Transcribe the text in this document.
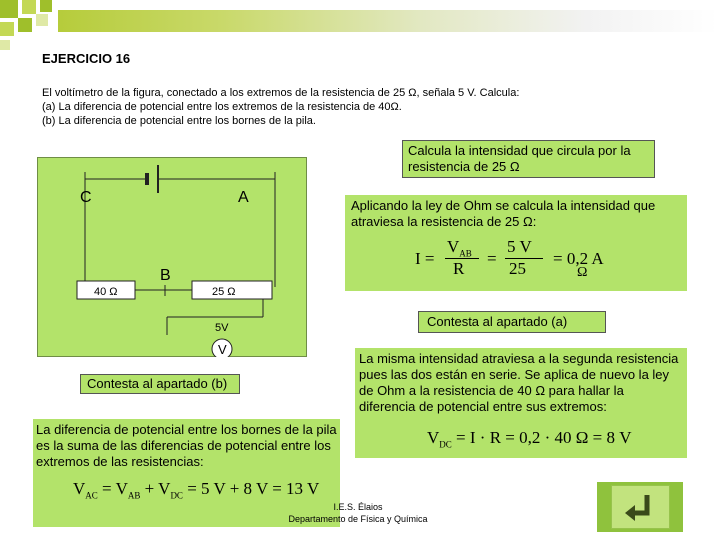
EJERCICIO 16
El voltímetro de la figura, conectado a los extremos de la resistencia de 25 Ω, señala 5 V. Calcula:
(a) La diferencia de potencial entre los extremos de la resistencia de 40Ω.
(b) La diferencia de potencial entre los bornes de la pila.
C	A
B
40 Ω	25 Ω
5V
V
Calcula la intensidad que circula por la resistencia de 25 Ω
Aplicando la ley de Ohm se calcula la intensidad que atraviesa la resistencia de 25 Ω:
I =
$V_{AB}$
R
=
5 V
25
= 0,2 A
Ω
Contesta al apartado (a)
La misma intensidad atraviesa a la segunda resistencia pues las dos están en serie. Se aplica de nuevo la ley de Ohm a la resistencia de 40 Ω para hallar la diferencia de potencial entre sus extremos:
$V_{DC} = I \cdot R = 0,2 \cdot 40$ Ω = 8 V
Contesta al apartado (b)
La diferencia de potencial entre los bornes de la pila es la suma de las diferencias de potencial entre los extremos de las resistencias:
$V_{AC} = V_{AB} + V_{DC} = 5$ V + 8 V = 13 V
I.E.S. Élaios
Departamento de Física y Química
